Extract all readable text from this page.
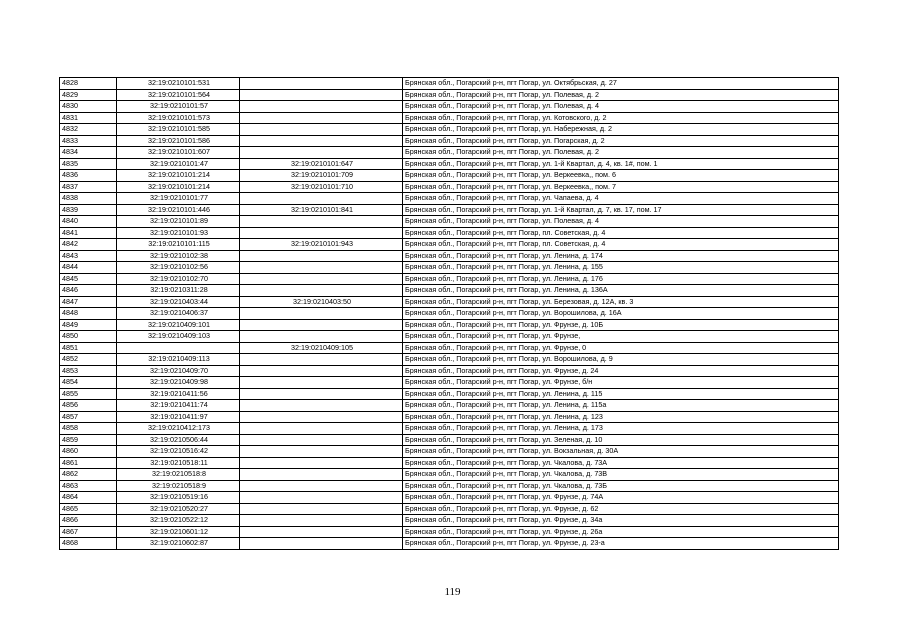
4828	32:19:0210101:531		Брянская обл., Погарский р-н, пгт Погар, ул. Октябрьская, д. 27
4829	32:19:0210101:564		Брянская обл., Погарский р-н, пгт Погар, ул. Полевая, д. 2
4830	32:19:0210101:57		Брянская обл., Погарский р-н, пгт Погар, ул. Полевая, д. 4
4831	32:19:0210101:573		Брянская обл., Погарский р-н, пгт Погар, ул. Котовского, д. 2
4832	32:19:0210101:585		Брянская обл., Погарский р-н, пгт Погар, ул. Набережная, д. 2
4833	32:19:0210101:586		Брянская обл., Погарский р-н, пгт Погар, ул. Погарская, д. 2
4834	32:19:0210101:607		Брянская обл., Погарский р-н, пгт Погар, ул. Полевая, д. 2
4835	32:19:0210101:47	32:19:0210101:647	Брянская обл., Погарский р-н, пгт Погар, ул. 1-й Квартал, д. 4, кв. 1#, пом. 1
4836	32:19:0210101:214	32:19:0210101:709	Брянская обл., Погарский р-н, пгт Погар, ул. Веркеевка,, пом. 6
4837	32:19:0210101:214	32:19:0210101:710	Брянская обл., Погарский р-н, пгт Погар, ул. Веркеевка,, пом. 7
4838	32:19:0210101:77		Брянская обл., Погарский р-н, пгт Погар, ул. Чапаева, д. 4
4839	32:19:0210101:446	32:19:0210101:841	Брянская обл., Погарский р-н, пгт Погар, ул. 1-й Квартал, д. 7, кв. 17, пом. 17
4840	32:19:0210101:89		Брянская обл., Погарский р-н, пгт Погар, ул. Полевая, д. 4
4841	32:19:0210101:93		Брянская обл., Погарский р-н, пгт Погар, пл. Советская, д. 4
4842	32:19:0210101:115	32:19:0210101:943	Брянская обл., Погарский р-н, пгт Погар, пл. Советская, д. 4
4843	32:19:0210102:38		Брянская обл., Погарский р-н, пгт Погар, ул. Ленина, д. 174
4844	32:19:0210102:56		Брянская обл., Погарский р-н, пгт Погар, ул. Ленина, д. 155
4845	32:19:0210102:70		Брянская обл., Погарский р-н, пгт Погар, ул. Ленина, д. 176
4846	32:19:0210311:28		Брянская обл., Погарский р-н, пгт Погар, ул. Ленина, д. 136А
4847	32:19:0210403:44	32:19:0210403:50	Брянская обл., Погарский р-н, пгт Погар, ул. Березовая, д. 12А, кв. 3
4848	32:19:0210406:37		Брянская обл., Погарский р-н, пгт Погар, ул. Ворошилова, д. 16А
4849	32:19:0210409:101		Брянская обл., Погарский р-н, пгт Погар, ул. Фрунзе, д. 10Б
4850	32:19:0210409:103		Брянская обл., Погарский р-н, пгт Погар, ул. Фрунзе,
4851		32:19:0210409:105	Брянская обл., Погарский р-н, пгт Погар, ул. Фрунзе, 0
4852	32:19:0210409:113		Брянская обл., Погарский р-н, пгт Погар, ул. Ворошилова, д. 9
4853	32:19:0210409:70		Брянская обл., Погарский р-н, пгт Погар, ул. Фрунзе, д. 24
4854	32:19:0210409:98		Брянская обл., Погарский р-н, пгт Погар, ул. Фрунзе, б/н
4855	32:19:0210411:56		Брянская обл., Погарский р-н, пгт Погар, ул. Ленина, д. 115
4856	32:19:0210411:74		Брянская обл., Погарский р-н, пгт Погар, ул. Ленина, д. 115а
4857	32:19:0210411:97		Брянская обл., Погарский р-н, пгт Погар, ул. Ленина, д. 123
4858	32:19:0210412:173		Брянская обл., Погарский р-н, пгт Погар, ул. Ленина, д. 173
4859	32:19:0210506:44		Брянская обл., Погарский р-н, пгт Погар, ул. Зеленая, д. 10
4860	32:19:0210516:42		Брянская обл., Погарский р-н, пгт Погар, ул. Вокзальная, д. 30А
4861	32:19:0210518:11		Брянская обл., Погарский р-н, пгт Погар, ул. Чкалова, д. 73А
4862	32:19:0210518:8		Брянская обл., Погарский р-н, пгт Погар, ул. Чкалова, д. 73В
4863	32:19:0210518:9		Брянская обл., Погарский р-н, пгт Погар, ул. Чкалова, д. 73Б
4864	32:19:0210519:16		Брянская обл., Погарский р-н, пгт Погар, ул. Фрунзе, д. 74А
4865	32:19:0210520:27		Брянская обл., Погарский р-н, пгт Погар, ул. Фрунзе, д. 62
4866	32:19:0210522:12		Брянская обл., Погарский р-н, пгт Погар, ул. Фрунзе, д. 34а
4867	32:19:0210601:12		Брянская обл., Погарский р-н, пгт Погар, ул. Фрунзе, д. 26а
4868	32:19:0210602:87		Брянская обл., Погарский р-н, пгт Погар, ул. Фрунзе, д. 23-а
119
